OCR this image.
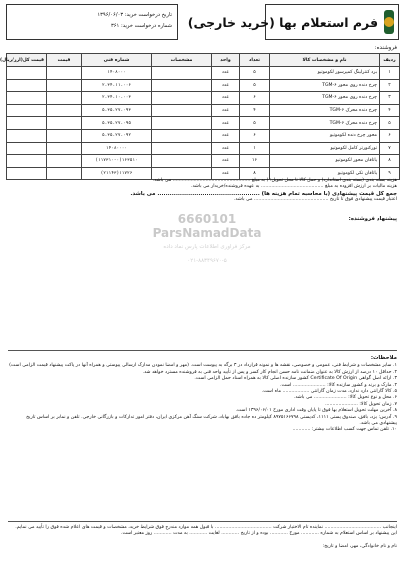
فرم استعلام بها (خرید خارجی)
تاریخ درخواست خرید: ۱۳۹۶/۰۶/۰۳
شماره درخواست خرید: ۳۶۱
فروشنده:
ردیف	نام و مشخصات کالا	تعداد	واحد	مشخصات	شماره فنی	قیمت	قیمت کل(ارز/ریال)
۱	برد کنترلینگ کمپرسور لکوموتیو	۵	عدد		۱۴۰۸۰۰۰		
۲	چرخ دنده روی محور TGM-۶	۵	عدد		۲.۳۴.۱۱.۰۰۶		
۳	چرخ دنده روی محور TGM-۶	۶	عدد		۲.۳۴.۱۰.۰۰۳		
۴	چرخ دنده محرک TGM-۶	۴	عدد		۵.۳۵.۲۷.۰۹۳		
۵	چرخ دنده محرک TGM-۶	۵	عدد		۵.۳۵.۲۷.۰۹۵		
۶	محور چرخ دنده لکوموتیو	۶	عدد		۵.۳۵.۲۷.۰۹۲		
۷	تورکنورتر کامل لکوموتیو	۱	عدد		۱۴۰۸۰۰۰۰		
۸	یاتاقان محور لکوموتیو	۱۶	عدد		(۱۱۷۳۱۰-۰)۱۶۳۵۱۰		
۹	یاتاقان تکی لکوموتیو	۸	عدد		(۲۱۱۴۳)۱۱۷۲۶		

هزینه بسته بندی (بسته بندی استاندارد) و حمل کالا تا محل تحویل: ( به مبلغ .................................................... می باشد.

هزینه مالیات بر ارزش افزوده به مبلغ .......................................... به عهده فروشنده/خریدار می باشد.

جمع کل قیمت پیشنهادی (با محاسبه تمام هزینه ها) .................................................. می باشد.

اعتبار قیمت پیشنهادی فوق تا تاریخ .................................................. می باشد.

پیشنهاد فروشنده:

6660101
ParsNamadData
مرکز فراوری اطلاعات پارس نماد داده
۰۲۱-۸۸۳۴۹۶۷۰-۵

ملاحظات:

۱. سایر مشخصات و شرایط فنی، عمومی و خصوصی، نقشه ها و نمونه قرارداد در ۳ برگه به پیوست است. (مهر و امضا نمودن مدارک ارسالی پیوستی و همراه آنها در پاکت پیشنهاد قیمت الزامی است)

۲. حداقل ۱۰ درصد از ارزش کالا به عنوان ضمانت نامه حسن انجام کار کسر و پس از تأیید واحد فنی به فروشنده مسترد خواهد شد.

۳. ارائه اصل گواهی Certificate Of Origin کشور سازنده اصلی کالا به همراه اسناد حمل الزامی است.

۴. مارک و برند و کشور سازنده کالا: ...................... است.

۵. کالا گارانتی دارد ندارد، مدت زمان گارانتی .................. ماه است.

۶. محل و نوع تحویل کالا: ...................... می باشد.

۷. زمان تحویل کالا: ......................

۸. آخرین مهلت تحویل استعلام بها فوق تا پایان وقت اداری مورخ ۱۳۹۶/۰۶/۰۱ است.

۹. آدرس: یزد، بافق، صندوق پستی ۱۱۱۱، کدپستی ۸۹۷۵۱۶۶۷۹۸ کیلومتر ده جاده بافق بهاباد، شرکت سنگ آهن مرکزی ایران، دفتر امور تدارکات و بازرگانی خارجی. تلفن و نمابر بر اساس تاریخ پیشنهادی می باشد.

۱۰. تلفن تماس جهت کسب اطلاعات بیشتر: ............

اینجانب ...................................... نماینده تام الاختیار شرکت ...................................... با قبول همه موارد مندرج فوق شرایط خرید، مشخصات و قیمت های اعلام شده فوق را تأیید می نمایم.

این پیشنهاد بر اساس استعلام به شماره ............ مورخ ............ بوده و از تاریخ ............ لغایت ............ به مدت ............ روز معتبر است.

نام و نام خانوادگی، مهر، امضا و تاریخ:
